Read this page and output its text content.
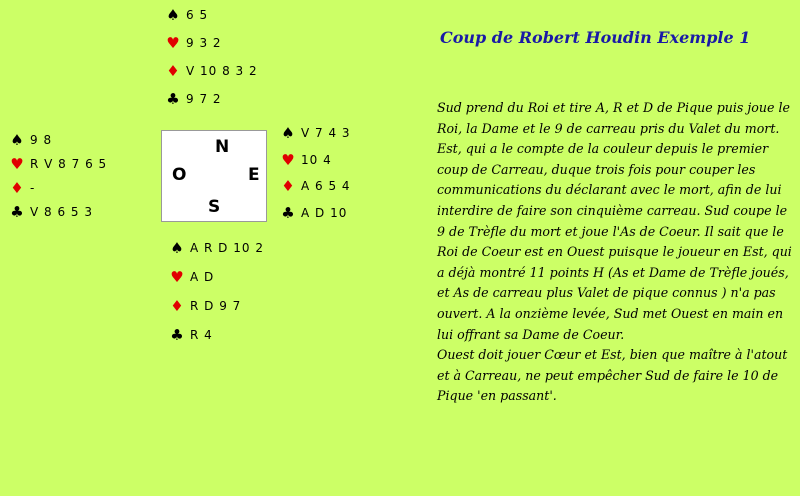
♠ 6 5
♥ 9 3 2
♦ V 10 8 3 2
♣ 9 7 2
♠ 9 8
♥ R V 8 7 6 5
♦ -
♣ V 8 6 5 3
N
O	E
S
♠ V 7 4 3
♥ 10 4
♦ A 6 5 4
♣ A D 10
♠ A R D 10 2
♥ A D
♦ R D 9 7
♣ R 4
Coup de Robert Houdin Exemple 1

Sud prend du Roi et tire A, R et D de Pique puis joue le Roi, la Dame et le 9 de carreau pris du Valet du mort. Est, qui a le compte de la couleur depuis le premier coup de Carreau, duque trois fois pour couper les communications du déclarant avec le mort, afin de lui interdire de faire son cinquième carreau. Sud coupe le 9 de Trèfle du mort et joue l'As de Coeur. Il sait que le Roi de Coeur est en Ouest puisque le joueur en Est, qui a déjà montré 11 points H (As et Dame de Trèfle joués, et As de carreau plus Valet de pique connus ) n'a pas ouvert. A la onzième levée, Sud met Ouest en main en lui offrant sa Dame de Coeur.

Ouest doit jouer Cœur et Est, bien que maître à l'atout et à Carreau, ne peut empêcher Sud de faire le 10 de Pique 'en passant'.
